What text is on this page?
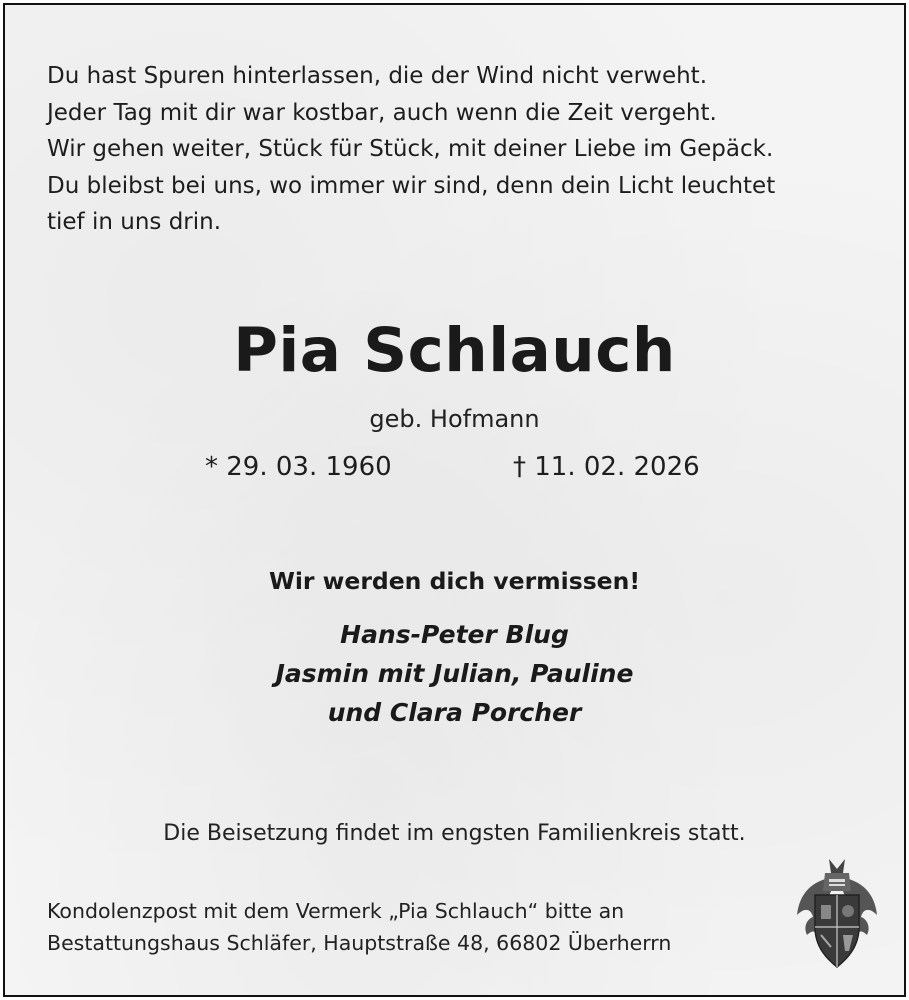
Du hast Spuren hinterlassen, die der Wind nicht verweht.
Jeder Tag mit dir war kostbar, auch wenn die Zeit vergeht.
Wir gehen weiter, Stück für Stück, mit deiner Liebe im Gepäck.
Du bleibst bei uns, wo immer wir sind, denn dein Licht leuchtet
tief in uns drin.
Pia Schlauch
geb. Hofmann
* 29. 03. 1960	† 11. 02. 2026
Wir werden dich vermissen!
Hans-Peter Blug
Jasmin mit Julian, Pauline
und Clara Porcher
Die Beisetzung findet im engsten Familienkreis statt.
Kondolenzpost mit dem Vermerk „Pia Schlauch“ bitte an
Bestattungshaus Schläfer, Hauptstraße 48, 66802 Überherrn
